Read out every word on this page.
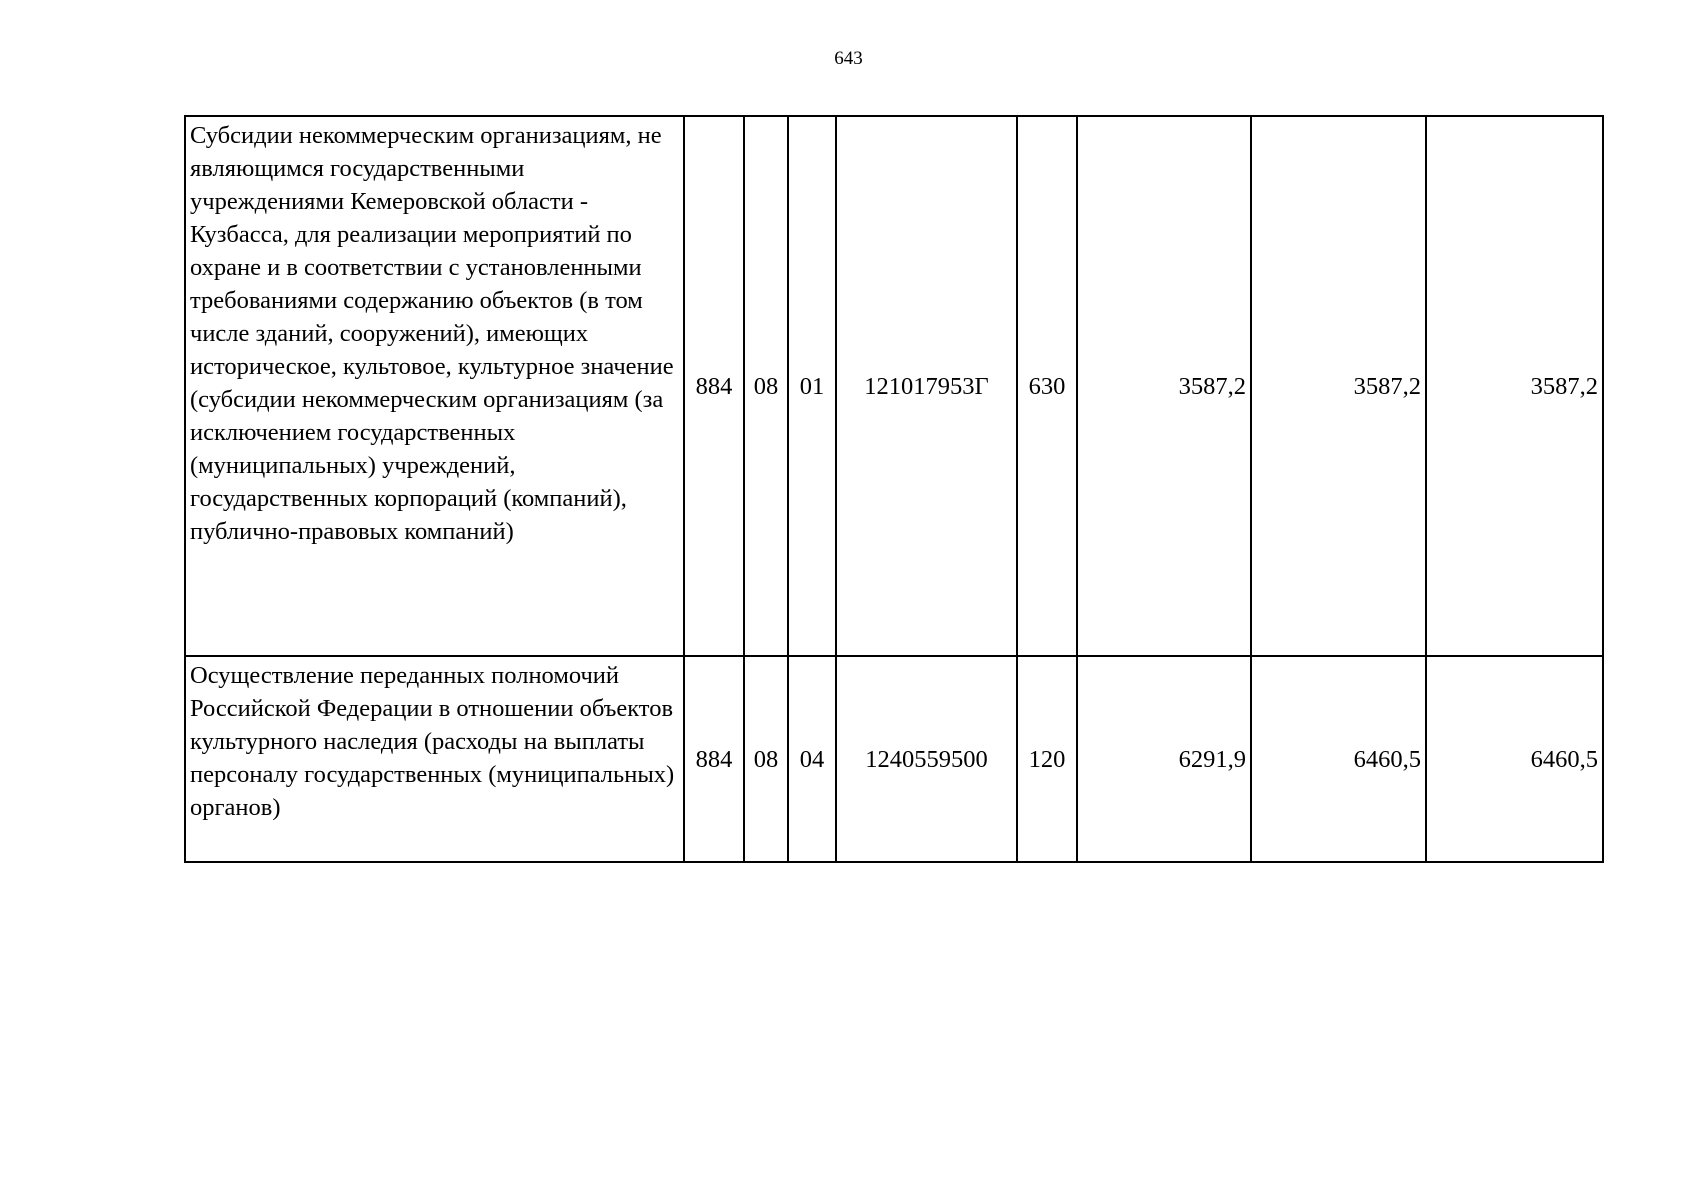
643
Субсидии некоммерческим организациям, не являющимся государственными учреждениями Кемеровской области - Кузбасса, для реализации мероприятий по охране и в соответствии с установленными требованиями содержанию объектов (в том числе зданий, сооружений), имеющих историческое, культовое, культурное значение (субсидии некоммерческим организациям (за исключением государственных (муниципальных) учреждений, государственных корпораций (компаний), публично-правовых компаний)	884	08	01	121017953Г	630	3587,2	3587,2	3587,2
Осуществление переданных полномочий Российской Федерации в отношении объектов культурного наследия (расходы на выплаты персоналу государственных (муниципальных) органов)	884	08	04	1240559500	120	6291,9	6460,5	6460,5
